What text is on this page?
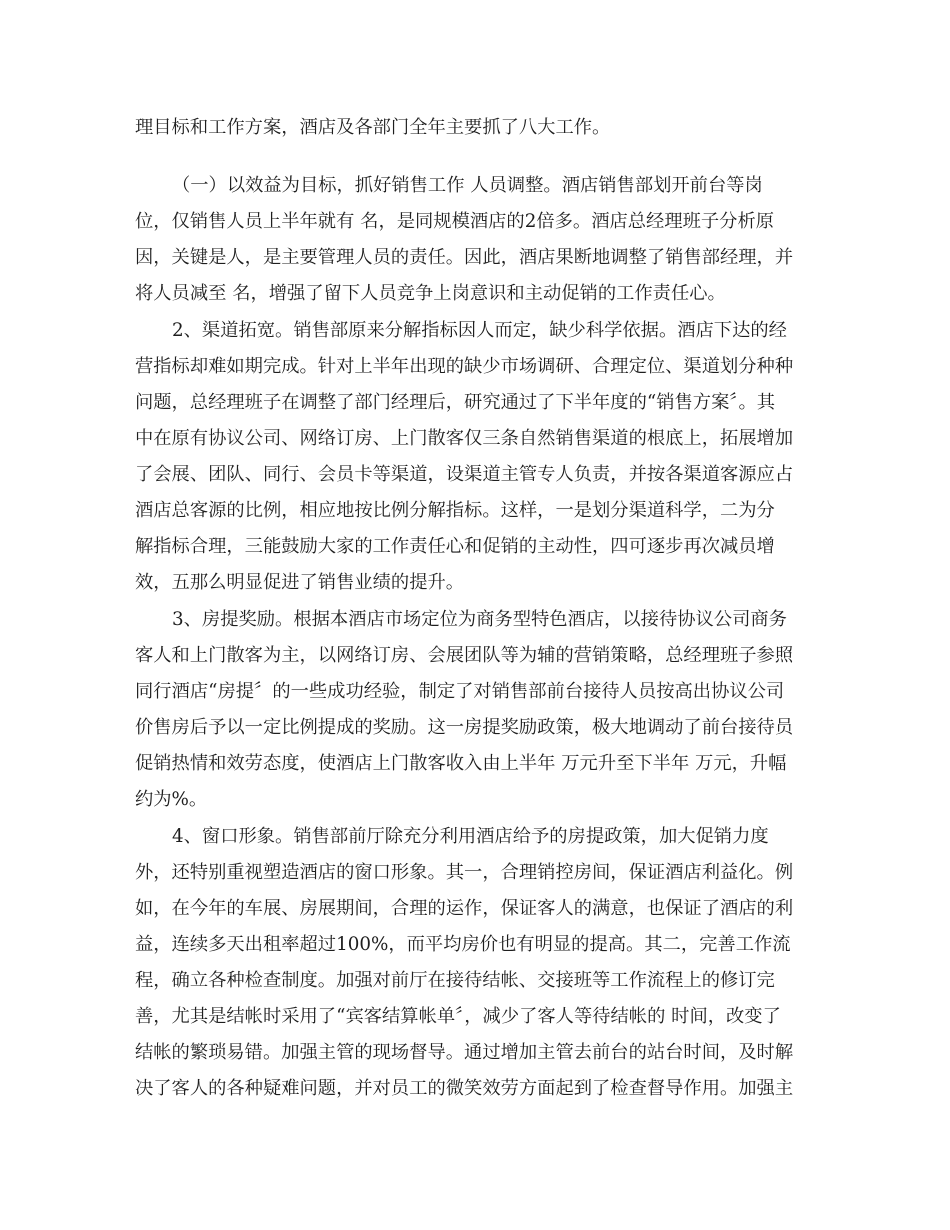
理目标和工作方案，酒店及各部门全年主要抓了八大工作。
（一）以效益为目标，抓好销售工作 人员调整。酒店销售部划开前台等岗
位，仅销售人员上半年就有 名，是同规模酒店的2倍多。酒店总经理班子分析原
因，关键是人，是主要管理人员的责任。因此，酒店果断地调整了销售部经理，并
将人员减至 名，增强了留下人员竞争上岗意识和主动促销的工作责任心。
2、渠道拓宽。销售部原来分解指标因人而定，缺少科学依据。酒店下达的经
营指标却难如期完成。针对上半年出现的缺少市场调研、合理定位、渠道划分种种
问题，总经理班子在调整了部门经理后，研究通过了下半年度的“销售方案〞。其
中在原有协议公司、网络订房、上门散客仅三条自然销售渠道的根底上，拓展增加
了会展、团队、同行、会员卡等渠道，设渠道主管专人负责，并按各渠道客源应占
酒店总客源的比例，相应地按比例分解指标。这样，一是划分渠道科学，二为分
解指标合理，三能鼓励大家的工作责任心和促销的主动性，四可逐步再次减员增
效，五那么明显促进了销售业绩的提升。
3、房提奖励。根据本酒店市场定位为商务型特色酒店，以接待协议公司商务
客人和上门散客为主，以网络订房、会展团队等为辅的营销策略，总经理班子参照
同行酒店“房提〞的一些成功经验，制定了对销售部前台接待人员按高出协议公司
价售房后予以一定比例提成的奖励。这一房提奖励政策，极大地调动了前台接待员
促销热情和效劳态度，使酒店上门散客收入由上半年 万元升至下半年 万元，升幅
约为%。
4、窗口形象。销售部前厅除充分利用酒店给予的房提政策，加大促销力度
外，还特别重视塑造酒店的窗口形象。其一，合理销控房间，保证酒店利益化。例
如，在今年的车展、房展期间，合理的运作，保证客人的满意，也保证了酒店的利
益，连续多天出租率超过100%，而平均房价也有明显的提高。其二，完善工作流
程，确立各种检查制度。加强对前厅在接待结帐、交接班等工作流程上的修订完
善，尤其是结帐时采用了“宾客结算帐单〞，减少了客人等待结帐的 时间，改变了
结帐的繁琐易错。加强主管的现场督导。通过增加主管去前台的站台时间，及时解
决了客人的各种疑难问题，并对员工的微笑效劳方面起到了检查督导作用。加强主
